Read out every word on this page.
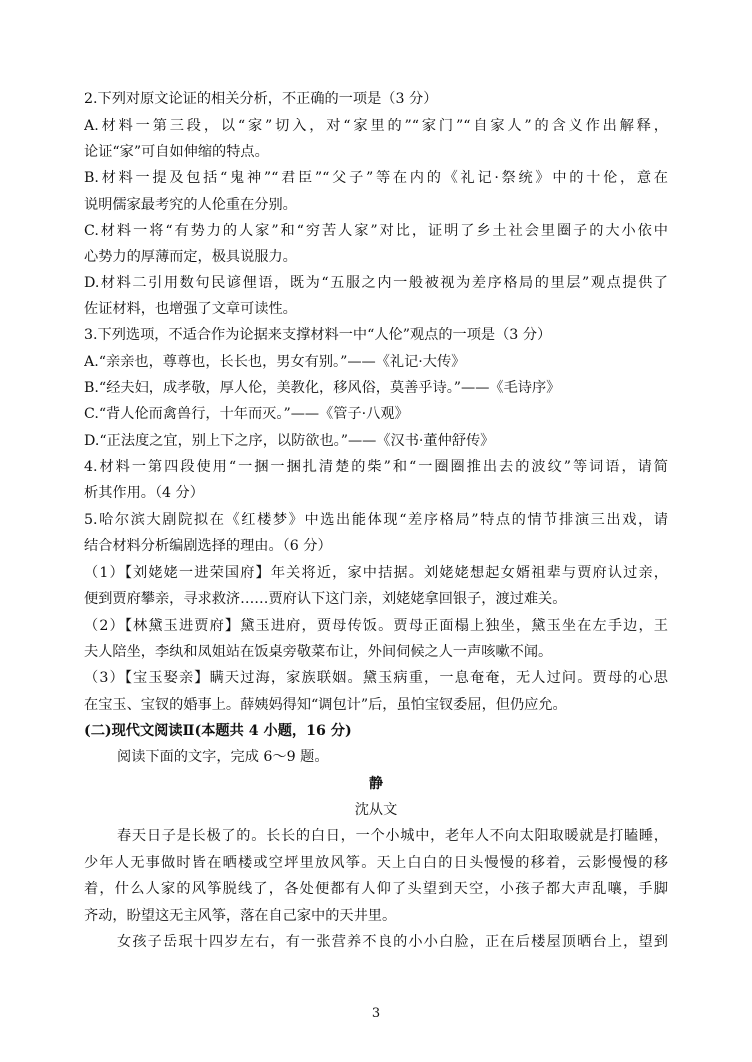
2.下列对原文论证的相关分析，不正确的一项是（3 分）
A.材料一第三段，以“家”切入，对“家里的”“家门”“自家人”的含义作出解释，
论证“家”可自如伸缩的特点。
B.材料一提及包括“鬼神”“君臣”“父子”等在内的《礼记·祭统》中的十伦，意在
说明儒家最考究的人伦重在分别。
C.材料一将“有势力的人家”和“穷苦人家”对比，证明了乡土社会里圈子的大小依中
心势力的厚薄而定，极具说服力。
D.材料二引用数句民谚俚语，既为“五服之内一般被视为差序格局的里层”观点提供了
佐证材料，也增强了文章可读性。
3.下列选项，不适合作为论据来支撑材料一中“人伦”观点的一项是（3 分）
A.“亲亲也，尊尊也，长长也，男女有别。”——《礼记·大传》
B.“经夫妇，成孝敬，厚人伦，美教化，移风俗，莫善乎诗。”——《毛诗序》
C.“背人伦而禽兽行，十年而灭。”——《管子·八观》
D.“正法度之宜，别上下之序，以防欲也。”——《汉书·董仲舒传》
4.材料一第四段使用“一捆一捆扎清楚的柴”和“一圈圈推出去的波纹”等词语，请简
析其作用。（4 分）
5.哈尔滨大剧院拟在《红楼梦》中选出能体现“差序格局”特点的情节排演三出戏，请
结合材料分析编剧选择的理由。（6 分）
（1）【刘姥姥一进荣国府】年关将近，家中拮据。刘姥姥想起女婿祖辈与贾府认过亲，
便到贾府攀亲，寻求救济……贾府认下这门亲，刘姥姥拿回银子，渡过难关。
（2）【林黛玉进贾府】黛玉进府，贾母传饭。贾母正面榻上独坐，黛玉坐在左手边，王
夫人陪坐，李纨和凤姐站在饭桌旁敬菜布让，外间伺候之人一声咳嗽不闻。
（3）【宝玉娶亲】瞒天过海，家族联姻。黛玉病重，一息奄奄，无人过问。贾母的心思
在宝玉、宝钗的婚事上。薛姨妈得知“调包计”后，虽怕宝钗委屈，但仍应允。
(二)现代文阅读Ⅱ(本题共 4 小题，16 分)
阅读下面的文字，完成 6～9 题。
静
沈从文
春天日子是长极了的。长长的白日，一个小城中，老年人不向太阳取暖就是打瞌睡，
少年人无事做时皆在晒楼或空坪里放风筝。天上白白的日头慢慢的移着，云影慢慢的移
着，什么人家的风筝脱线了，各处便都有人仰了头望到天空，小孩子都大声乱嚷，手脚
齐动，盼望这无主风筝，落在自己家中的天井里。
女孩子岳珉十四岁左右，有一张营养不良的小小白脸，正在后楼屋顶晒台上，望到
3
